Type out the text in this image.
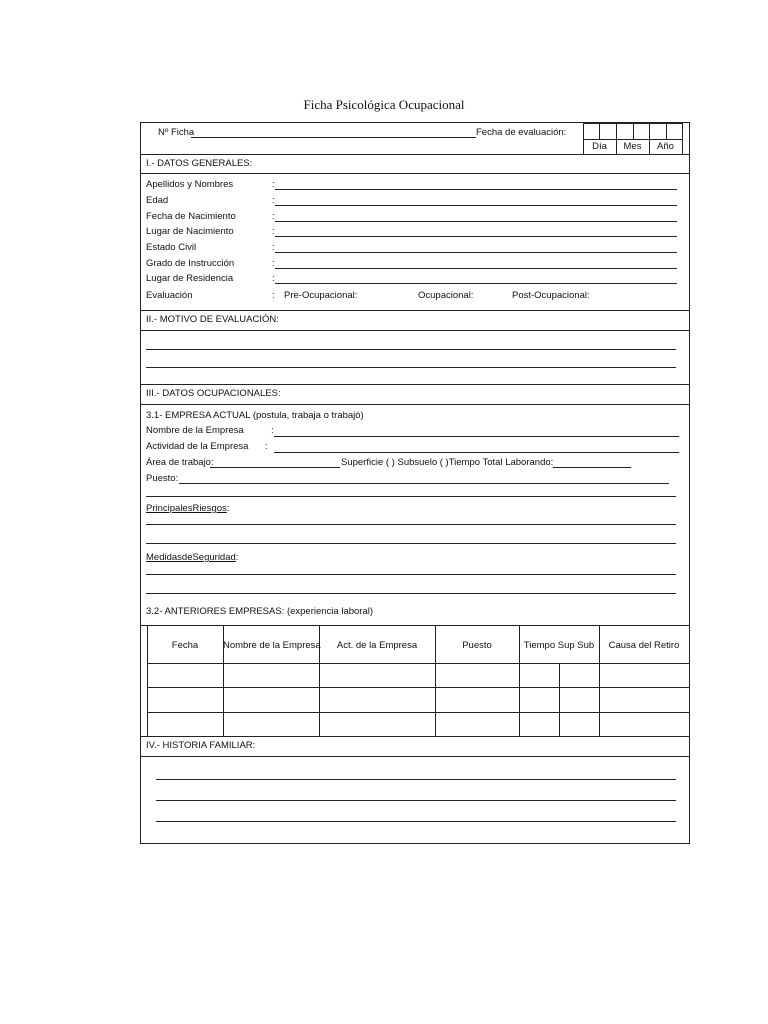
Ficha Psicológica Ocupacional
Nº Ficha	Fecha de evaluación:
Día	Mes	Año
I.- DATOS GENERALES:
Apellidos y Nombres	:
Edad	:
Fecha de Nacimiento	:
Lugar de Nacimiento	:
Estado Civil	:
Grado de Instrucción	:
Lugar de Residencia	:
Evaluación	: Pre-Ocupacional:	Ocupacional:	Post-Ocupacional:
II.- MOTIVO DE EVALUACIÓN:
III.- DATOS OCUPACIONALES:
3.1- EMPRESA ACTUAL (postula, trabaja o trabajó)
Nombre de la Empresa	:
Actividad de la Empresa :
Área de trabajo:	Superficie ( ) Subsuelo ( )Tiempo Total Laborando:
Puesto:
PrincipalesRiesgos:
MedidasdeSeguridad:
3.2- ANTERIORES EMPRESAS: (experiencia laboral)
Fecha	Nombre de la Empresa	Act. de la Empresa	Puesto	Tiempo Sup Sub	Causa del Retiro
IV.- HISTORIA FAMILIAR:
